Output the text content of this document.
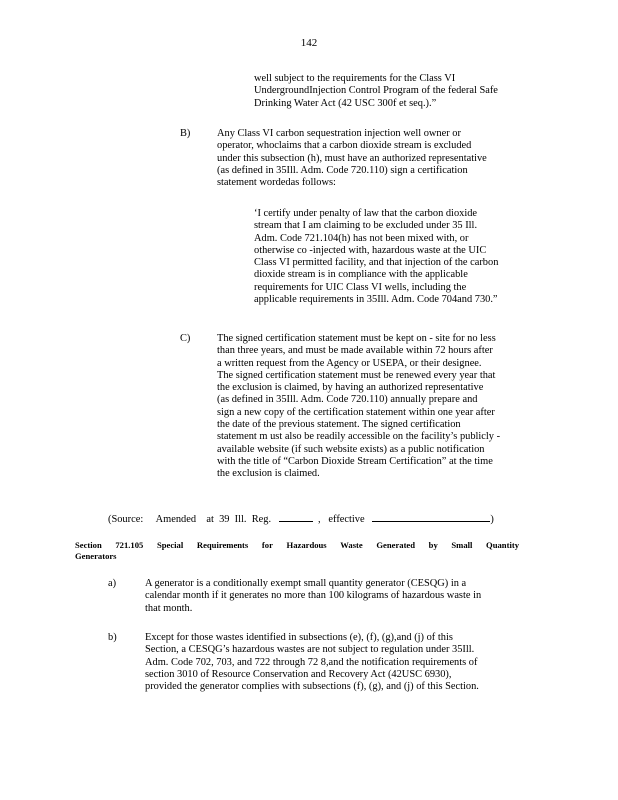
142
well subject to the requirements for the Class VI
UndergroundInjection Control Program of the federal Safe
Drinking Water Act (42 USC 300f et seq.).”
B)	Any Class VI carbon sequestration injection well owner or
operator, whoclaims that a carbon dioxide stream is excluded
under this subsection (h), must have an authorized representative
(as defined in 35Ill. Adm. Code 720.110) sign a certification
statement wordedas follows:
‘I certify under penalty of law that the carbon dioxide
stream that I am claiming to be excluded under 35 Ill.
Adm. Code 721.104(h) has not been mixed with, or
otherwise co -injected with, hazardous waste at the UIC
Class VI permitted facility, and that injection of the carbon
dioxide stream is in compliance with the applicable
requirements for UIC Class VI wells, including the
applicable requirements in 35Ill. Adm. Code 704and 730.”
C)	The signed certification statement must be kept on - site for no less
than three years, and must be made available within 72 hours after
a written request from the Agency or USEPA, or their designee.
The signed certification statement must be renewed every year that
the exclusion is claimed, by having an authorized representative
(as defined in 35Ill. Adm. Code 720.110) annually prepare and
sign a new copy of the certification statement within one year after
the date of the previous statement. The signed certification
statement m ust also be readily accessible on the facility’s publicly -
available website (if such website exists) as a public notification
with the title of “Carbon Dioxide Stream Certification” at the time
the exclusion is claimed.
(Source:     Amended    at  39  Ill.  Reg.	,   effective	)
Section 721.105 Special Requirements for Hazardous Waste Generated by Small Quantity
Generators
a)	A generator is a conditionally exempt small quantity generator (CESQG) in a
calendar month if it generates no more than 100 kilograms of hazardous waste in
that month.
b)	Except for those wastes identified in subsections (e), (f), (g),and (j) of this
Section, a CESQG’s hazardous wastes are not subject to regulation under 35Ill.
Adm. Code 702, 703, and 722 through 72 8,and the notification requirements of
section 3010 of Resource Conservation and Recovery Act (42USC 6930),
provided the generator complies with subsections (f), (g), and (j) of this Section.
